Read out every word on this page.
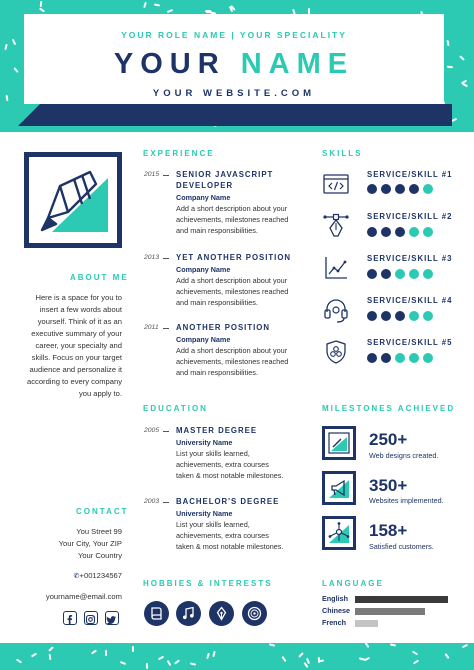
YOUR ROLE NAME | YOUR SPECIALITY
YOUR NAME
YOUR WEBSITE.COM
ABOUT ME
Here is a space for you to insert a few words about yourself. Think of it as an executive summary of your career, your specialty and skills. Focus on your target audience and personalize it according to every company you apply to.
CONTACT
You Street 99
Your City, Your ZIP
Your Country
✆+001234567
yourname@email.com
EXPERIENCE
2015 SENIOR JAVASCRIPT
DEVELOPER
Company Name
Add a short description about your
achievements, milestones reached
and main responsibilities.
2013 YET ANOTHER POSITION
Company Name
Add a short description about your
achievements, milestones reached
and main responsibilities.
2011 ANOTHER POSITION
Company Name
Add a short description about your
achievements, milestones reached
and main responsibilities.
EDUCATION
2005 MASTER DEGREE
University Name
List your skills learned,
achievements, extra courses
taken & most notable milestones.
2003 BACHELOR'S DEGREE
University Name
List your skills learned,
achievements, extra courses
taken & most notable milestones.
SKILLS
SERVICE/SKILL #1
SERVICE/SKILL #2
SERVICE/SKILL #3
SERVICE/SKILL #4
SERVICE/SKILL #5
MILESTONES ACHIEVED
250+
Web designs created.
350+
Websites implemented.
158+
Satisfied customers.
HOBBIES & INTERESTS	LANGUAGE
English
Chinese
French
